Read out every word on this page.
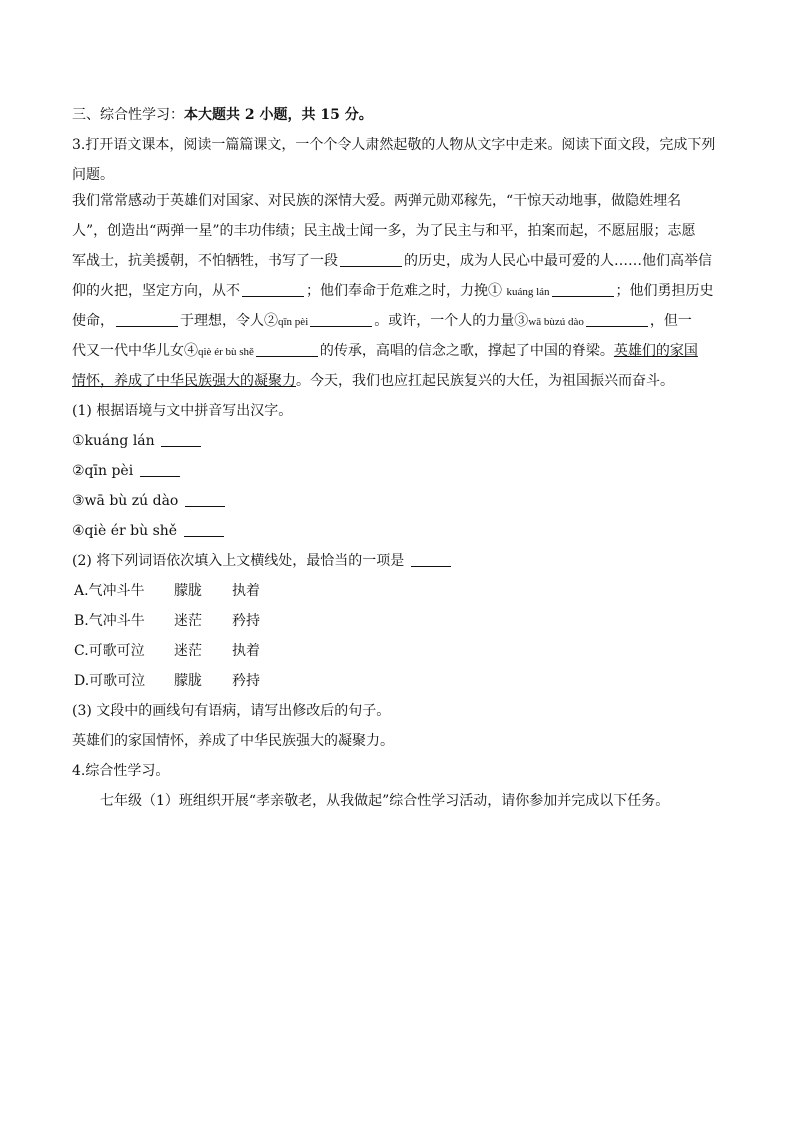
三、综合性学习：本大题共 2 小题，共 15 分。
3.打开语文课本，阅读一篇篇课文，一个个令人肃然起敬的人物从文字中走来。阅读下面文段，完成下列
问题。
我们常常感动于英雄们对国家、对民族的深情大爱。两弹元勋邓稼先，“干惊天动地事，做隐姓埋名
人”，创造出“两弹一星”的丰功伟绩；民主战士闻一多，为了民主与和平，拍案而起，不愿屈服；志愿
军战士，抗美援朝，不怕牺牲，书写了一段	的历史，成为人民心中最可爱的人……他们高举信
仰的火把，坚定方向，从不	；他们奉命于危难之时，力挽① kuáng lán	；他们勇担历史
使命，	于理想，令人②qīn pèi	。或许，一个人的力量③wā bùzú dào	，但一
代又一代中华儿女④qiè ér bù shě	的传承，高唱的信念之歌，撑起了中国的脊梁。英雄们的家国
情怀，养成了中华民族强大的凝聚力。今天，我们也应扛起民族复兴的大任，为祖国振兴而奋斗。
(1) 根据语境与文中拼音写出汉字。
①kuáng lán
②qīn pèi
③wā bù zú dào
④qiè ér bù shě
(2) 将下列词语依次填入上文横线处，最恰当的一项是
A.气冲斗牛 朦胧 执着
B.气冲斗牛 迷茫 矜持
C.可歌可泣 迷茫 执着
D.可歌可泣 朦胧 矜持
(3) 文段中的画线句有语病，请写出修改后的句子。
英雄们的家国情怀，养成了中华民族强大的凝聚力。
4.综合性学习。
七年级（1）班组织开展“孝亲敬老，从我做起”综合性学习活动，请你参加并完成以下任务。
